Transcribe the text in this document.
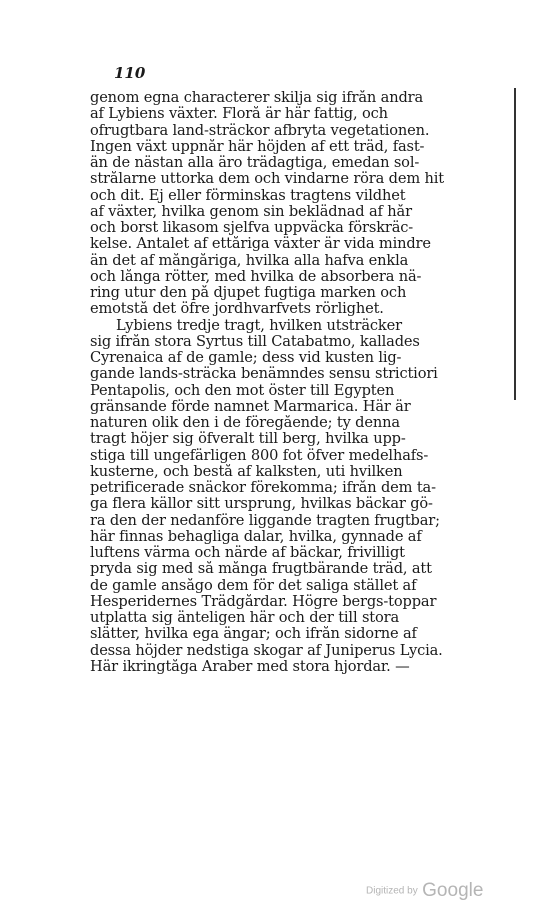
110
genom egna characterer skilja sig ifrån andra
af Lybiens växter. Florå är här fattig, och
ofrugtbara land-sträckor afbryta vegetationen.
Ingen växt uppnår här höjden af ett träd, fast-
än de nästan alla äro trädagtiga, emedan sol-
strålarne uttorka dem och vindarne röra dem hit
och dit. Ej eller förminskas tragtens vildhet
af växter, hvilka genom sin beklädnad af hår
och borst likasom sjelfva uppväcka förskräc-
kelse. Antalet af ettåriga växter är vida mindre
än det af mångåriga, hvilka alla hafva enkla
och långa rötter, med hvilka de absorbera nä-
ring utur den på djupet fugtiga marken och
emotstå det öfre jordhvarfvets rörlighet.
Lybiens tredje tragt, hvilken utsträcker
sig ifrån stora Syrtus till Catabatmo, kallades
Cyrenaica af de gamle; dess vid kusten lig-
gande lands-sträcka benämndes sensu strictiori
Pentapolis, och den mot öster till Egypten
gränsande förde namnet Marmarica. Här är
naturen olik den i de föregående; ty denna
tragt höjer sig öfveralt till berg, hvilka upp-
stiga till ungefärligen 800 fot öfver medelhafs-
kusterne, och bestå af kalksten, uti hvilken
petrificerade snäckor förekomma; ifrån dem ta-
ga flera källor sitt ursprung, hvilkas bäckar gö-
ra den der nedanföre liggande tragten frugtbar;
här finnas behagliga dalar, hvilka, gynnade af
luftens värma och närde af bäckar, frivilligt
pryda sig med så många frugtbärande träd, att
de gamle ansågo dem för det saliga stället af
Hesperidernes Trädgårdar. Högre bergs-toppar
utplatta sig änteligen här och der till stora
slätter, hvilka ega ängar; och ifrån sidorne af
dessa höjder nedstiga skogar af Juniperus Lycia.
Här ikringtåga Araber med stora hjordar. —
Digitized by Google
